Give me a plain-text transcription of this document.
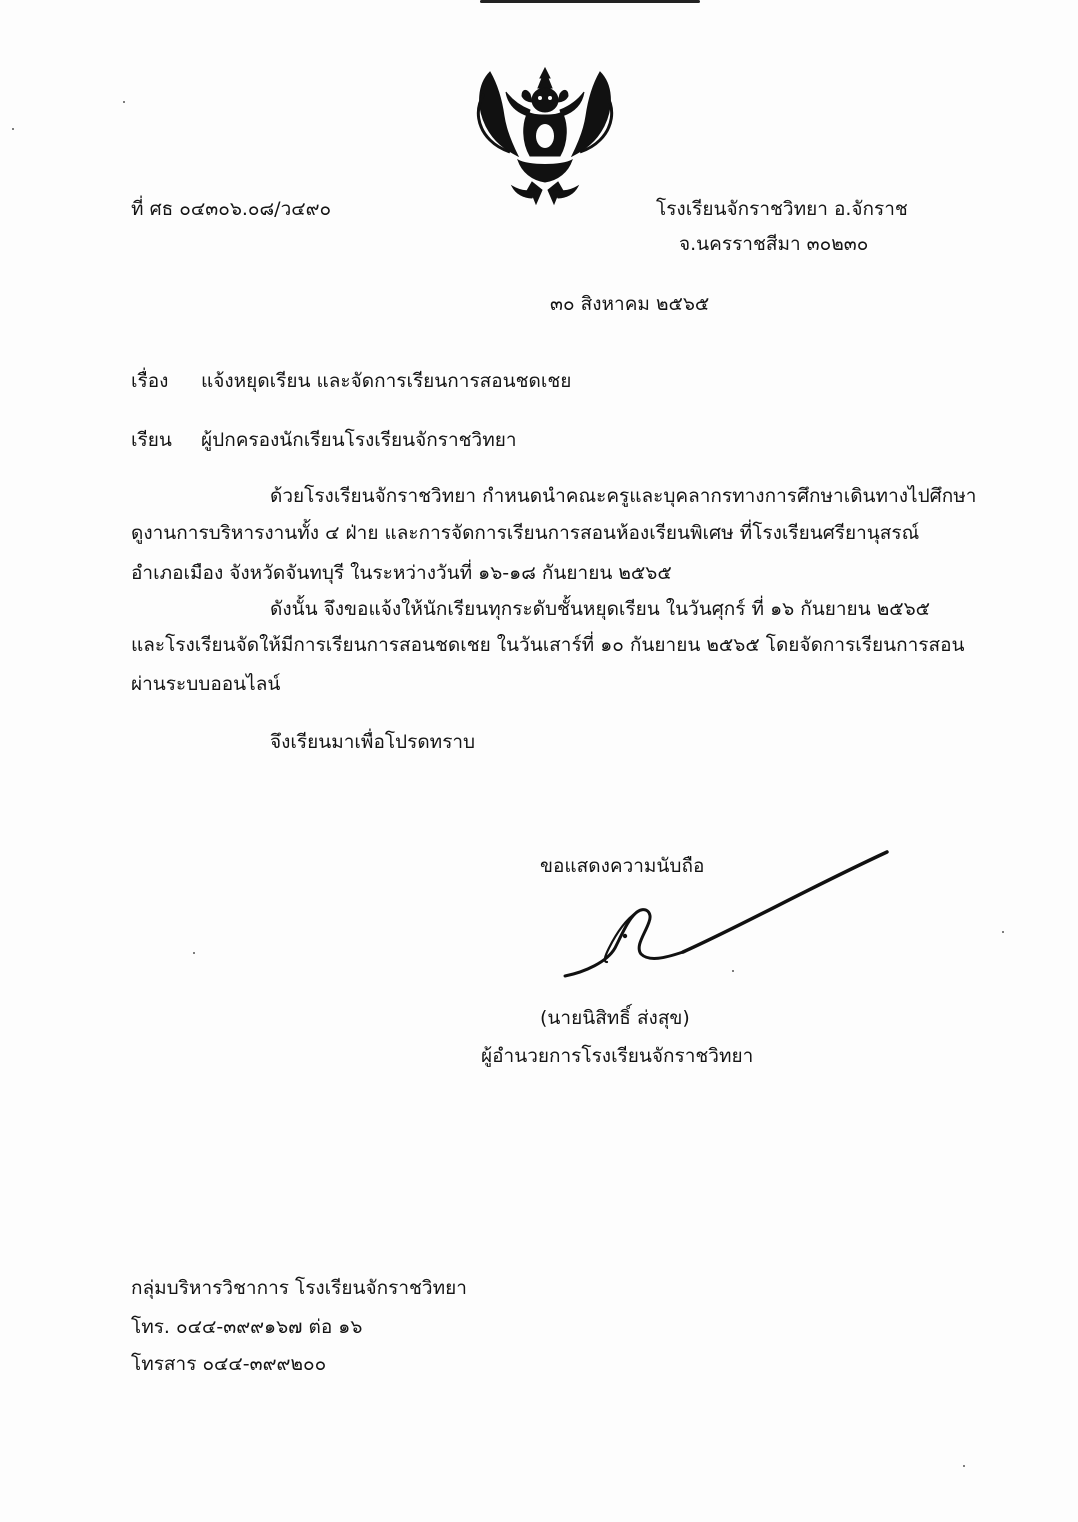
ที่ ศธ ๐๔๓๐๖.๐๘/ว๔๙๐	โรงเรียนจักราชวิทยา อ.จักราช
จ.นครราชสีมา ๓๐๒๓๐
๓๐ สิงหาคม ๒๕๖๕
เรื่อง แจ้งหยุดเรียน และจัดการเรียนการสอนชดเชย
เรียน ผู้ปกครองนักเรียนโรงเรียนจักราชวิทยา
ด้วยโรงเรียนจักราชวิทยา กำหนดนำคณะครูและบุคลากรทางการศึกษาเดินทางไปศึกษา
ดูงานการบริหารงานทั้ง ๔ ฝ่าย และการจัดการเรียนการสอนห้องเรียนพิเศษ ที่โรงเรียนศรียานุสรณ์
อำเภอเมือง จังหวัดจันทบุรี ในระหว่างวันที่ ๑๖-๑๘ กันยายน ๒๕๖๕
ดังนั้น จึงขอแจ้งให้นักเรียนทุกระดับชั้นหยุดเรียน ในวันศุกร์ ที่ ๑๖ กันยายน ๒๕๖๕
และโรงเรียนจัดให้มีการเรียนการสอนชดเชย ในวันเสาร์ที่ ๑๐ กันยายน ๒๕๖๕ โดยจัดการเรียนการสอน
ผ่านระบบออนไลน์
จึงเรียนมาเพื่อโปรดทราบ
ขอแสดงความนับถือ
(นายนิสิทธิ์ ส่งสุข)
ผู้อำนวยการโรงเรียนจักราชวิทยา
กลุ่มบริหารวิชาการ โรงเรียนจักราชวิทยา
โทร. ๐๔๔-๓๙๙๑๖๗ ต่อ ๑๖
โทรสาร ๐๔๔-๓๙๙๒๐๐
